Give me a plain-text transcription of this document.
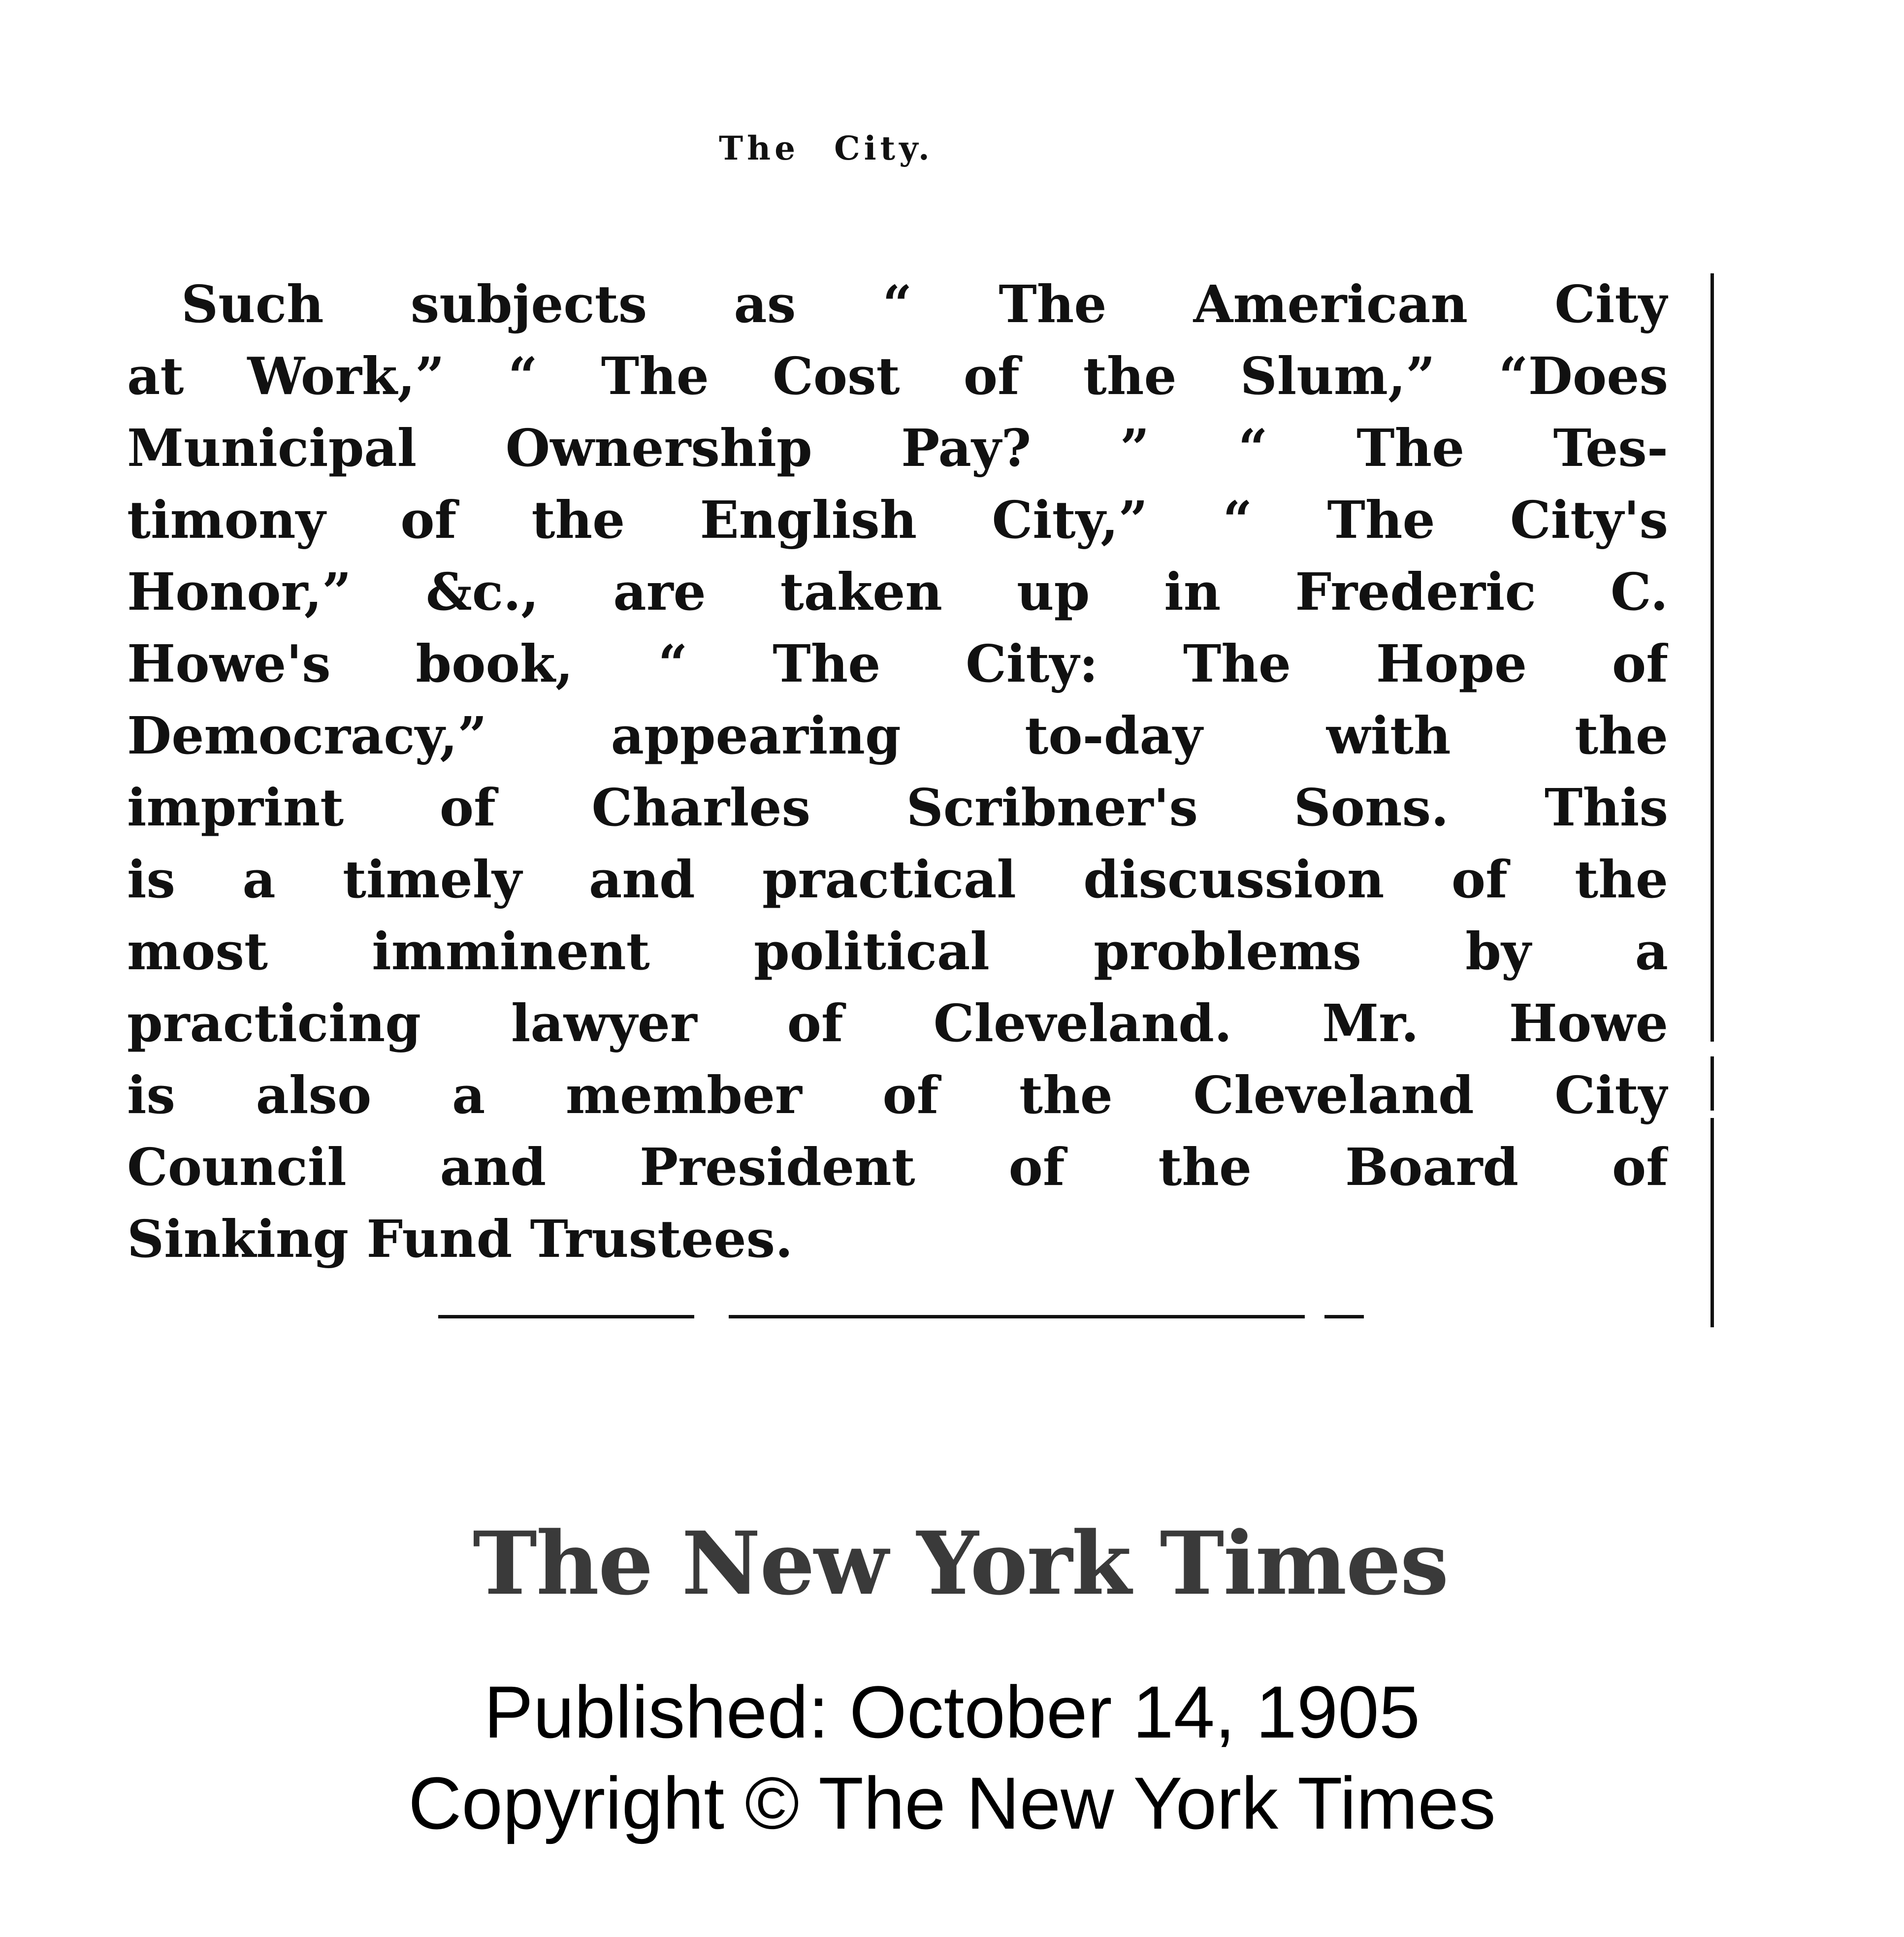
The City.
Such subjects as “ The American City
at Work,” “ The Cost of the Slum,” “Does
Municipal Ownership Pay? ” “ The Tes-
timony of the English City,” “ The City's
Honor,” &c., are taken up in Frederic C.
Howe's book, “ The City: The Hope of
Democracy,” appearing to-day with the
imprint of Charles Scribner's Sons. This
is a timely and practical discussion of the
most imminent political problems by a
practicing lawyer of Cleveland. Mr. Howe
is also a member of the Cleveland City
Council and President of the Board of
Sinking Fund Trustees.
The New York Times
Published: October 14, 1905
Copyright © The New York Times
